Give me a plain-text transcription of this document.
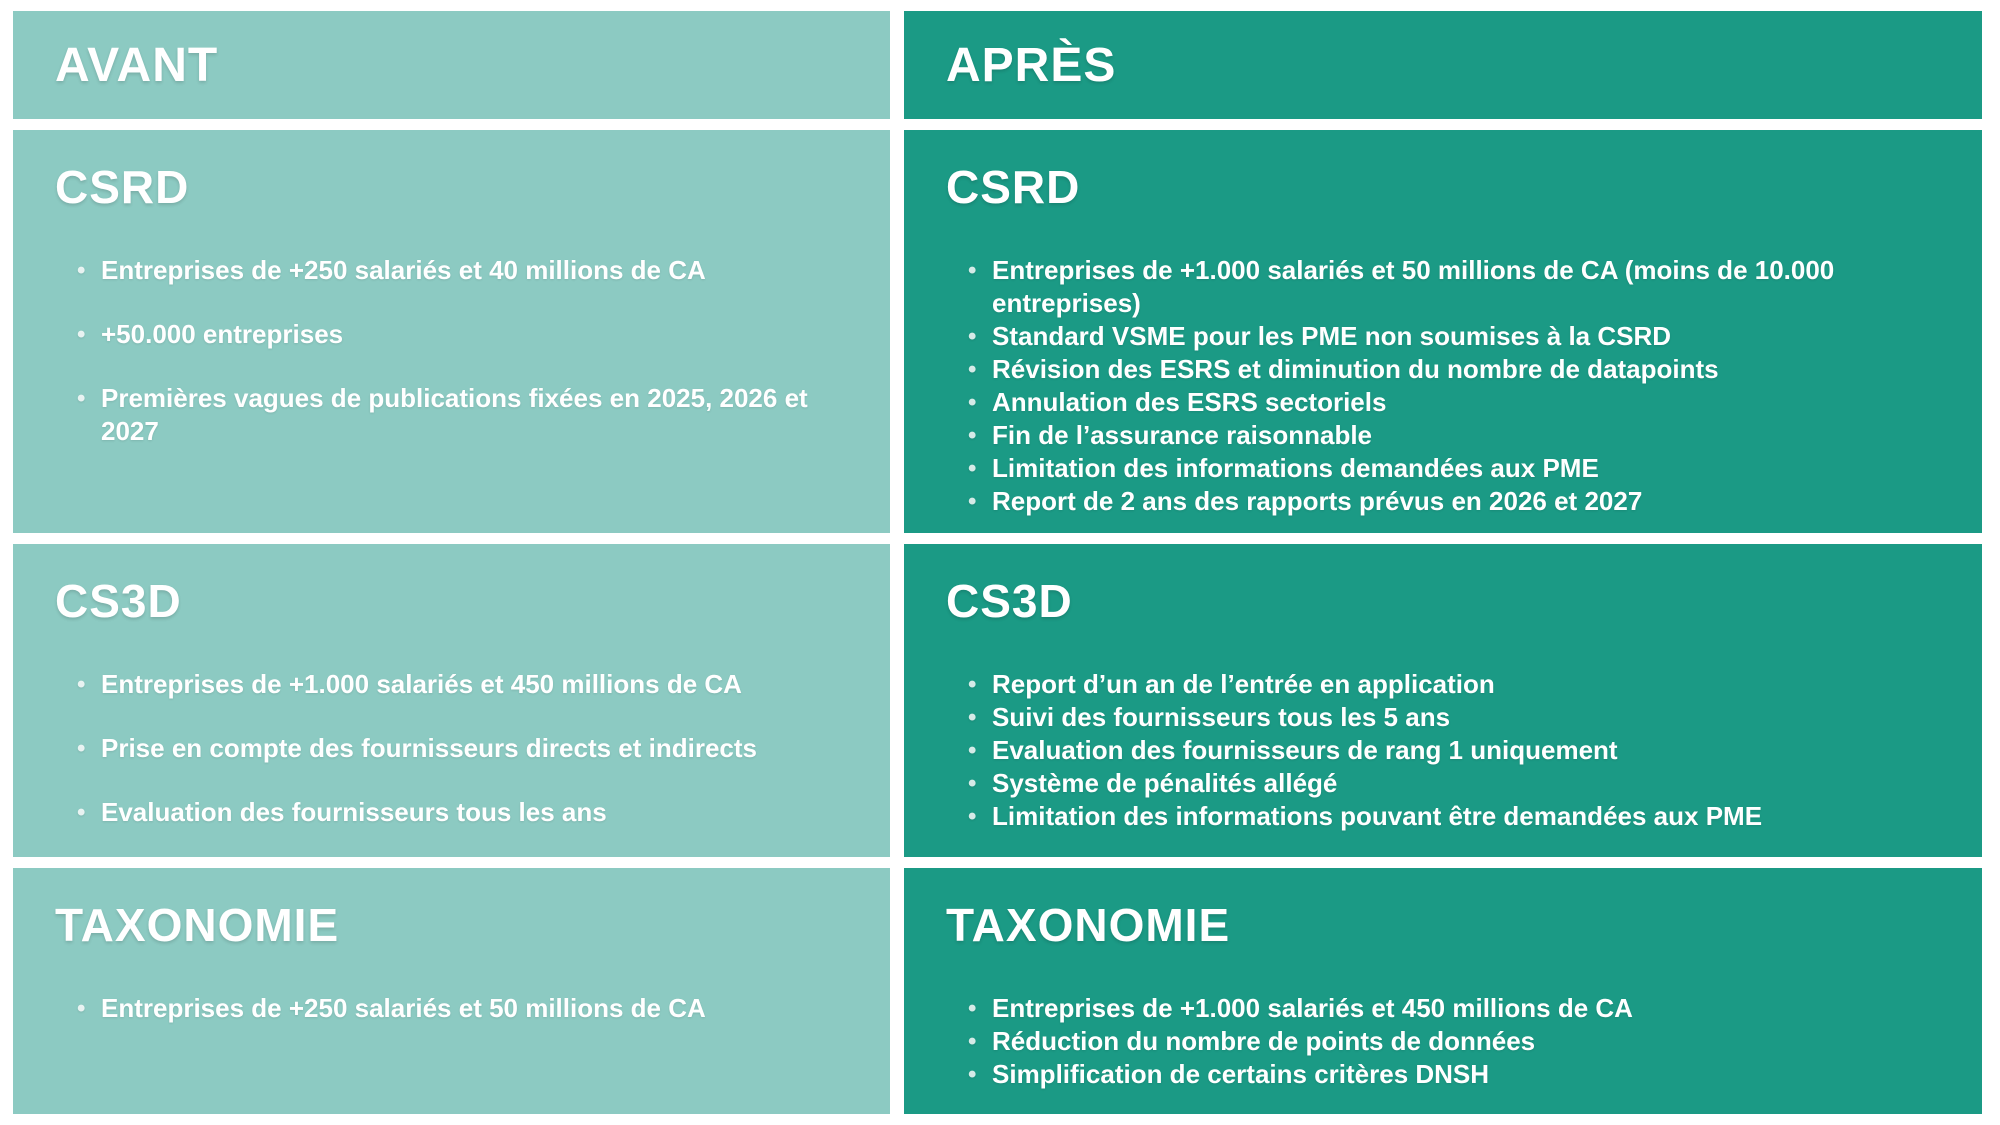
AVANT	APRÈS
CSRD
• Entreprises de +250 salariés et 40 millions de CA
• +50.000 entreprises
• Premières vagues de publications fixées en 2025, 2026 et 2027
CSRD
• Entreprises de +1.000 salariés et 50 millions de CA (moins de 10.000 entreprises)
• Standard VSME pour les PME non soumises à la CSRD
• Révision des ESRS et diminution du nombre de datapoints
• Annulation des ESRS sectoriels
• Fin de l’assurance raisonnable
• Limitation des informations demandées aux PME
• Report de 2 ans des rapports prévus en 2026 et 2027
CS3D
• Entreprises de +1.000 salariés et 450 millions de CA
• Prise en compte des fournisseurs directs et indirects
• Evaluation des fournisseurs tous les ans
CS3D
• Report d’un an de l’entrée en application
• Suivi des fournisseurs tous les 5 ans
• Evaluation des fournisseurs de rang 1 uniquement
• Système de pénalités allégé
• Limitation des informations pouvant être demandées aux PME
TAXONOMIE
• Entreprises de +250 salariés et 50 millions de CA
TAXONOMIE
• Entreprises de +1.000 salariés et 450 millions de CA
• Réduction du nombre de points de données
• Simplification de certains critères DNSH
